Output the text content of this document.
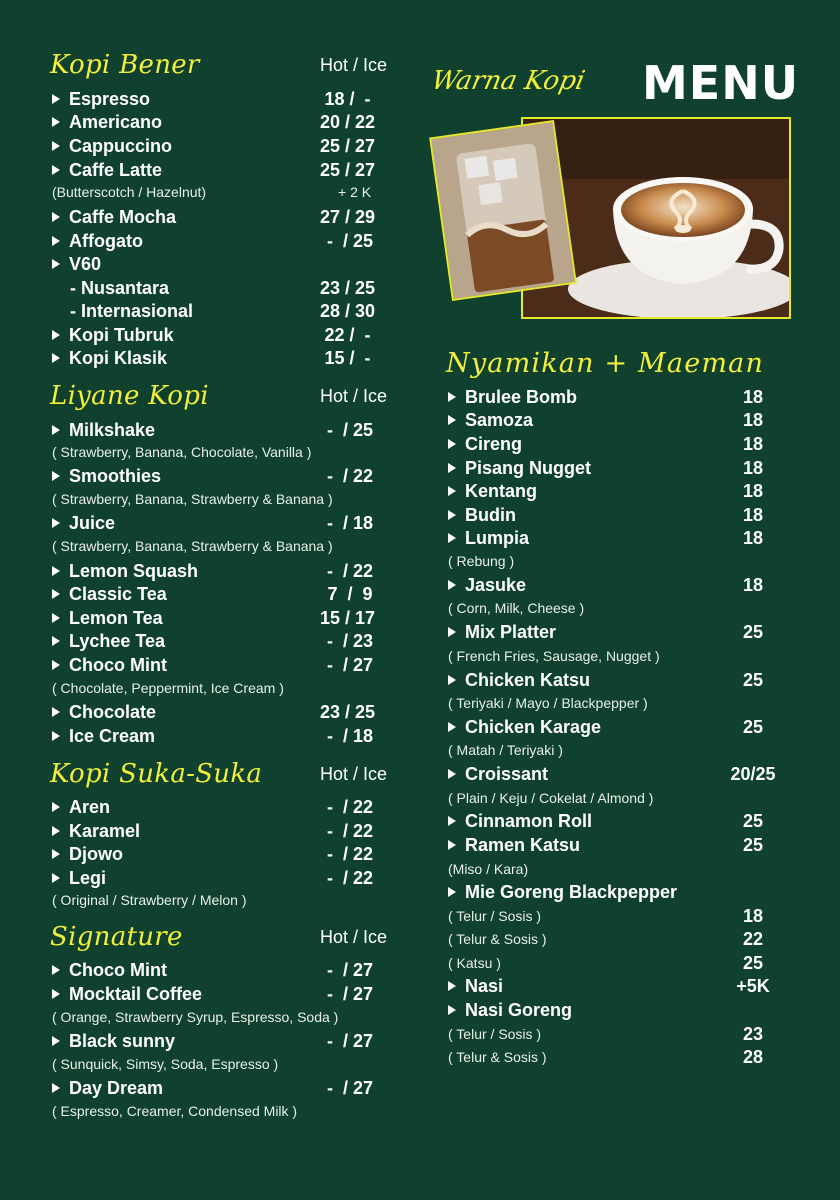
Warna Kopi MENU
Kopi Bener	Hot / Ice
Espresso	18 /  -
Americano	20 / 22
Cappuccino	25 / 27
Caffe Latte	25 / 27
(Butterscotch / Hazelnut)	+ 2 K
Caffe Mocha	27 / 29
Affogato	-  / 25
V60
- Nusantara	23 / 25
- Internasional	28 / 30
Kopi Tubruk	22 /  -
Kopi Klasik	15 /  -
Liyane Kopi	Hot / Ice
Milkshake	-  / 25
( Strawberry, Banana, Chocolate, Vanilla )
Smoothies	-  / 22
( Strawberry, Banana, Strawberry & Banana )
Juice	-  / 18
( Strawberry, Banana, Strawberry & Banana )
Lemon Squash	-  / 22
Classic Tea	7  /  9
Lemon Tea	15 / 17
Lychee Tea	-  / 23
Choco Mint	-  / 27
( Chocolate, Peppermint, Ice Cream )
Chocolate	23 / 25
Ice Cream	-  / 18
Kopi Suka-Suka	Hot / Ice
Aren	-  / 22
Karamel	-  / 22
Djowo	-  / 22
Legi	-  / 22
( Original / Strawberry / Melon )
Signature	Hot / Ice
Choco Mint	-  / 27
Mocktail Coffee	-  / 27
( Orange, Strawberry Syrup, Espresso, Soda )
Black sunny	-  / 27
( Sunquick, Simsy, Soda, Espresso )
Day Dream	-  / 27
( Espresso, Creamer, Condensed Milk )
Nyamikan + Maeman
Brulee Bomb	18
Samoza	18
Cireng	18
Pisang Nugget	18
Kentang	18
Budin	18
Lumpia	18
( Rebung )
Jasuke	18
( Corn, Milk, Cheese )
Mix Platter	25
( French Fries, Sausage, Nugget )
Chicken Katsu	25
( Teriyaki / Mayo / Blackpepper )
Chicken Karage	25
( Matah / Teriyaki )
Croissant	20/25
( Plain / Keju / Cokelat / Almond )
Cinnamon Roll	25
Ramen Katsu	25
(Miso / Kara)
Mie Goreng Blackpepper
( Telur / Sosis )	18
( Telur & Sosis )	22
( Katsu )	25
Nasi	+5K
Nasi Goreng
( Telur / Sosis )	23
( Telur & Sosis )	28
